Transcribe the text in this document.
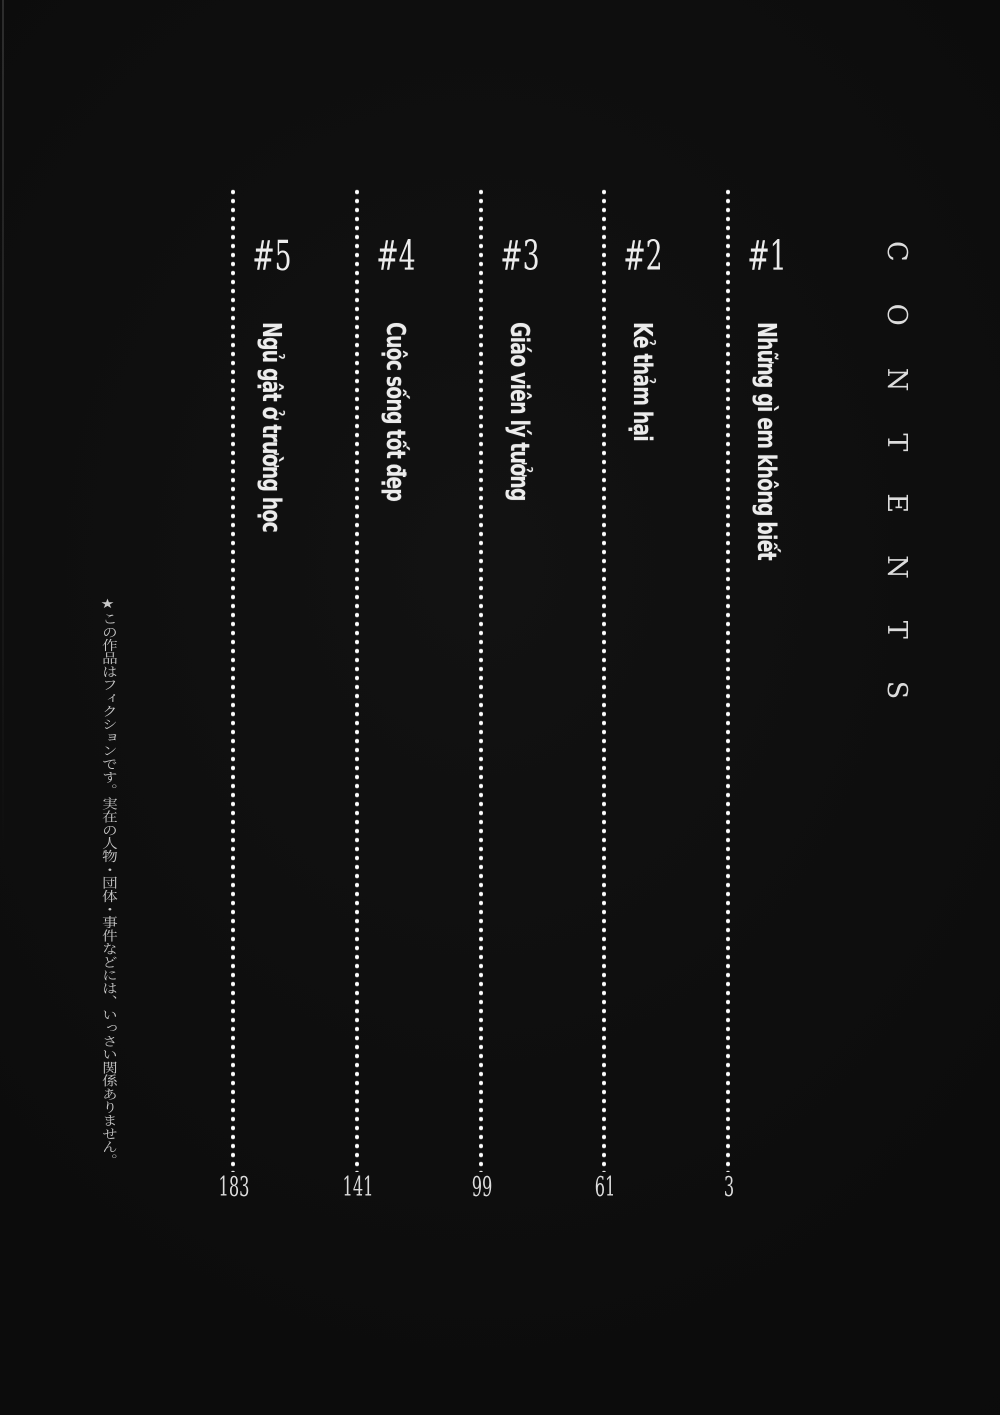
CONTENTS
#1
Những gì em không biết
3
#2
Kẻ thảm hại
61
#3
Giáo viên lý tưởng
99
#4
Cuộc sống tốt đẹp
141
#5
Ngủ gật ở trường học
183
★この作品はフィクションです。実在の人物・団体・事件などには、いっさい関係ありません。
